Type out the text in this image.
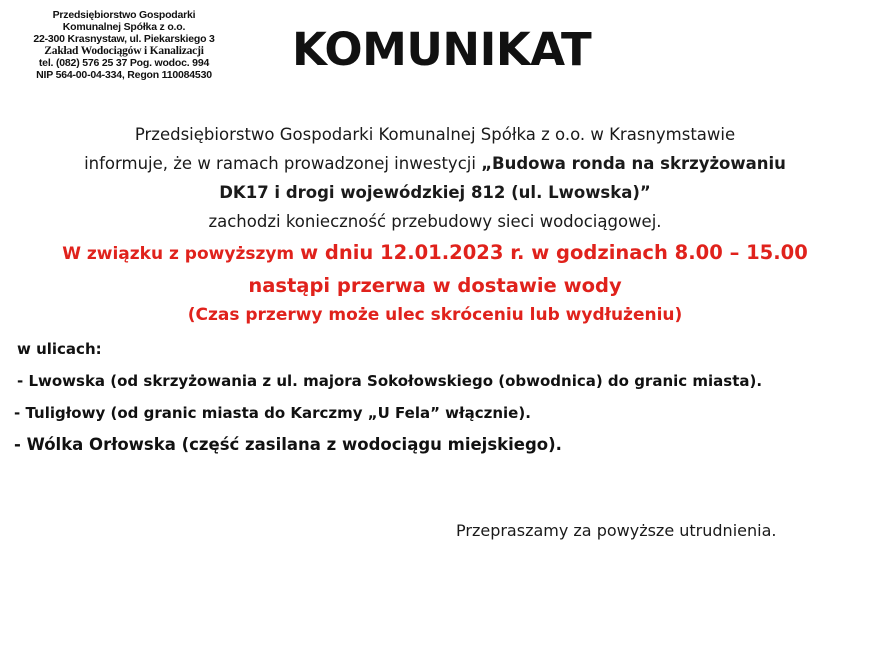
Przedsiębiorstwo Gospodarki
Komunalnej Spółka z o.o.
22-300 Krasnystaw, ul. Piekarskiego 3
Zakład Wodociągów i Kanalizacji
tel. (082) 576 25 37 Pog. wodoc. 994
NIP 564-00-04-334, Regon 110084530	KOMUNIKAT
Przedsiębiorstwo Gospodarki Komunalnej Spółka z o.o. w Krasnymstawie
informuje, że w ramach prowadzonej inwestycji „Budowa ronda na skrzyżowaniu
DK17 i drogi wojewódzkiej 812 (ul. Lwowska)”
zachodzi konieczność przebudowy sieci wodociągowej.
W związku z powyższym w dniu 12.01.2023 r. w godzinach 8.00 – 15.00
nastąpi przerwa w dostawie wody
(Czas przerwy może ulec skróceniu lub wydłużeniu)
w ulicach:
- Lwowska (od skrzyżowania z ul. majora Sokołowskiego (obwodnica) do granic miasta).
- Tuligłowy (od granic miasta do Karczmy „U Fela” włącznie).
- Wólka Orłowska (część zasilana z wodociągu miejskiego).
Przepraszamy za powyższe utrudnienia.
